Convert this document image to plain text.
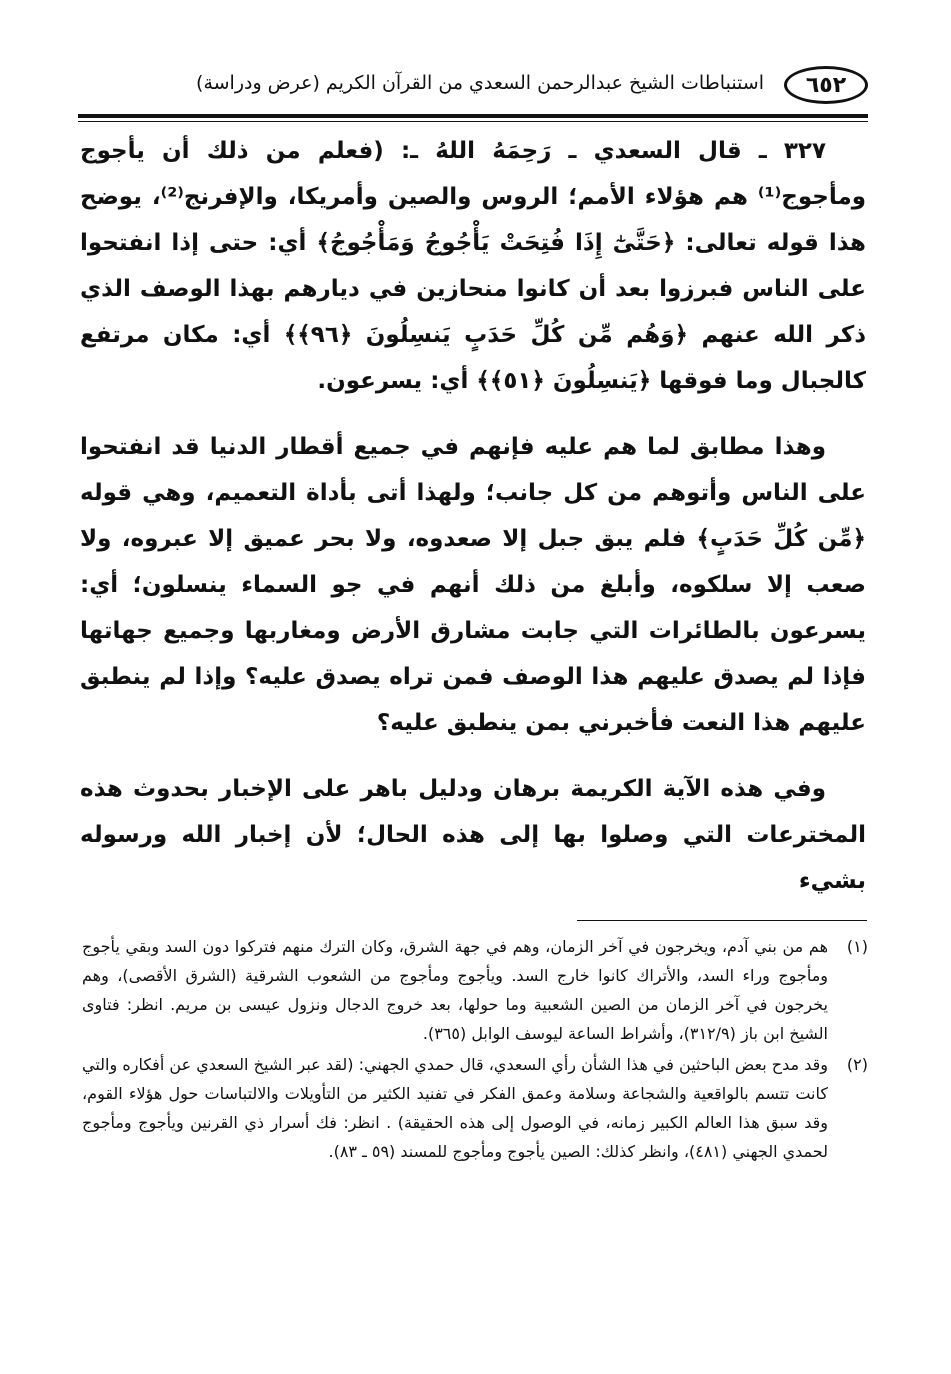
٦٥٢
استنباطات الشيخ عبدالرحمن السعدي من القرآن الكريم (عرض ودراسة)

٣٢٧ ـ قال السعدي ـ رَحِمَهُ اللهُ ـ: (فعلم من ذلك أن يأجوج ومأجوج⁽¹⁾ هم هؤلاء الأمم؛ الروس والصين وأمريكا، والإفرنج⁽²⁾، يوضح هذا قوله تعالى: ﴿حَتَّىٰٓ إِذَا فُتِحَتْ يَأْجُوجُ وَمَأْجُوجُ﴾ أي: حتى إذا انفتحوا على الناس فبرزوا بعد أن كانوا منحازين في ديارهم بهذا الوصف الذي ذكر الله عنهم ﴿وَهُم مِّن كُلِّ حَدَبٍ يَنسِلُونَ ﴿٩٦﴾﴾ أي: مكان مرتفع كالجبال وما فوقها ﴿يَنسِلُونَ ﴿٥١﴾﴾ أي: يسرعون.

وهذا مطابق لما هم عليه فإنهم في جميع أقطار الدنيا قد انفتحوا على الناس وأتوهم من كل جانب؛ ولهذا أتى بأداة التعميم، وهي قوله ﴿مِّن كُلِّ حَدَبٍ﴾ فلم يبق جبل إلا صعدوه، ولا بحر عميق إلا عبروه، ولا صعب إلا سلكوه، وأبلغ من ذلك أنهم في جو السماء ينسلون؛ أي: يسرعون بالطائرات التي جابت مشارق الأرض ومغاربها وجميع جهاتها فإذا لم يصدق عليهم هذا الوصف فمن تراه يصدق عليه؟ وإذا لم ينطبق عليهم هذا النعت فأخبرني بمن ينطبق عليه؟

وفي هذه الآية الكريمة برهان ودليل باهر على الإخبار بحدوث هذه المخترعات التي وصلوا بها إلى هذه الحال؛ لأن إخبار الله ورسوله بشيء

(١)
هم من بني آدم، ويخرجون في آخر الزمان، وهم في جهة الشرق، وكان الترك منهم فتركوا دون السد وبقي يأجوج ومأجوج وراء السد، والأتراك كانوا خارج السد. ويأجوج ومأجوج من الشعوب الشرقية (الشرق الأقصى)، وهم يخرجون في آخر الزمان من الصين الشعبية وما حولها، بعد خروج الدجال ونزول عيسى بن مريم. انظر: فتاوى الشيخ ابن باز (٣١٢/٩)، وأشراط الساعة ليوسف الوابل (٣٦٥).
(٢)
وقد مدح بعض الباحثين في هذا الشأن رأي السعدي، قال حمدي الجهني: (لقد عبر الشيخ السعدي عن أفكاره والتي كانت تتسم بالواقعية والشجاعة وسلامة وعمق الفكر في تفنيد الكثير من التأويلات والالتباسات حول هؤلاء القوم، وقد سبق هذا العالم الكبير زمانه، في الوصول إلى هذه الحقيقة) . انظر: فك أسرار ذي القرنين ويأجوج ومأجوج لحمدي الجهني (٤٨١)، وانظر كذلك: الصين يأجوج ومأجوج للمسند (٥٩ ـ ٨٣).
